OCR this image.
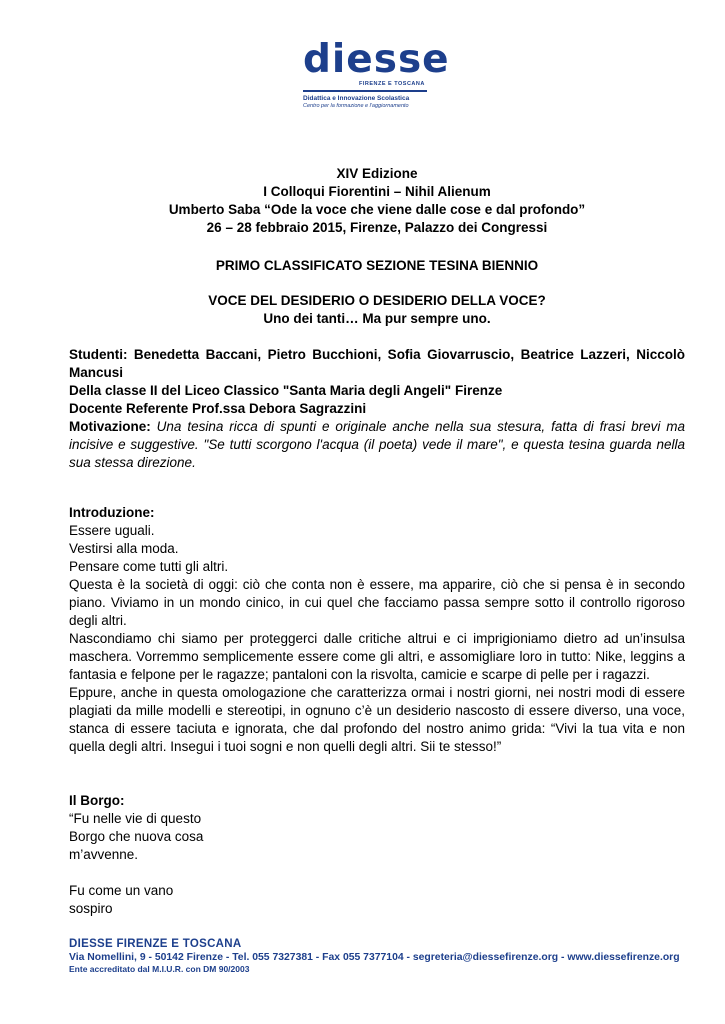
diesse
FIRENZE E TOSCANA
Didattica e Innovazione Scolastica
Centro per la formazione e l'aggiornamento

XIV Edizione

I Colloqui Fiorentini – Nihil Alienum

Umberto Saba “Ode la voce che viene dalle cose e dal profondo”

26 – 28 febbraio 2015, Firenze, Palazzo dei Congressi

PRIMO CLASSIFICATO SEZIONE TESINA BIENNIO

VOCE DEL DESIDERIO O DESIDERIO DELLA VOCE?

Uno dei tanti… Ma pur sempre uno.

Studenti: Benedetta Baccani, Pietro Bucchioni, Sofia Giovarruscio, Beatrice Lazzeri, Niccolò Mancusi

Della classe II del Liceo Classico "Santa Maria degli Angeli" Firenze

Docente Referente Prof.ssa Debora Sagrazzini

Motivazione: Una tesina ricca di spunti e originale anche nella sua stesura, fatta di frasi brevi ma incisive e suggestive. "Se tutti scorgono l'acqua (il poeta) vede il mare", e questa tesina guarda nella sua stessa direzione.

Introduzione:

Essere uguali.

Vestirsi alla moda.

Pensare come tutti gli altri.

Questa è la società di oggi: ciò che conta non è essere, ma apparire, ciò che si pensa è in secondo piano. Viviamo in un mondo cinico, in cui quel che facciamo passa sempre sotto il controllo rigoroso degli altri.

Nascondiamo chi siamo per proteggerci dalle critiche altrui e ci imprigioniamo dietro ad un’insulsa maschera. Vorremmo semplicemente essere come gli altri, e assomigliare loro in tutto: Nike, leggins a fantasia e felpone per le ragazze; pantaloni con la risvolta, camicie e scarpe di pelle per i ragazzi.

Eppure, anche in questa omologazione che caratterizza ormai i nostri giorni, nei nostri modi di essere plagiati da mille modelli e stereotipi, in ognuno c’è un desiderio nascosto di essere diverso, una voce, stanca di essere taciuta e ignorata, che dal profondo del nostro animo grida: “Vivi la tua vita e non quella degli altri. Insegui i tuoi sogni e non quelli degli altri. Sii te stesso!”

Il Borgo:

“Fu nelle vie di questo

Borgo che nuova cosa

m’avvenne.

Fu come un vano

sospiro

DIESSE FIRENZE E TOSCANA
Via Nomellini, 9 - 50142 Firenze - Tel. 055 7327381 - Fax 055 7377104 - segreteria@diessefirenze.org - www.diessefirenze.org
Ente accreditato dal M.I.U.R. con DM 90/2003
